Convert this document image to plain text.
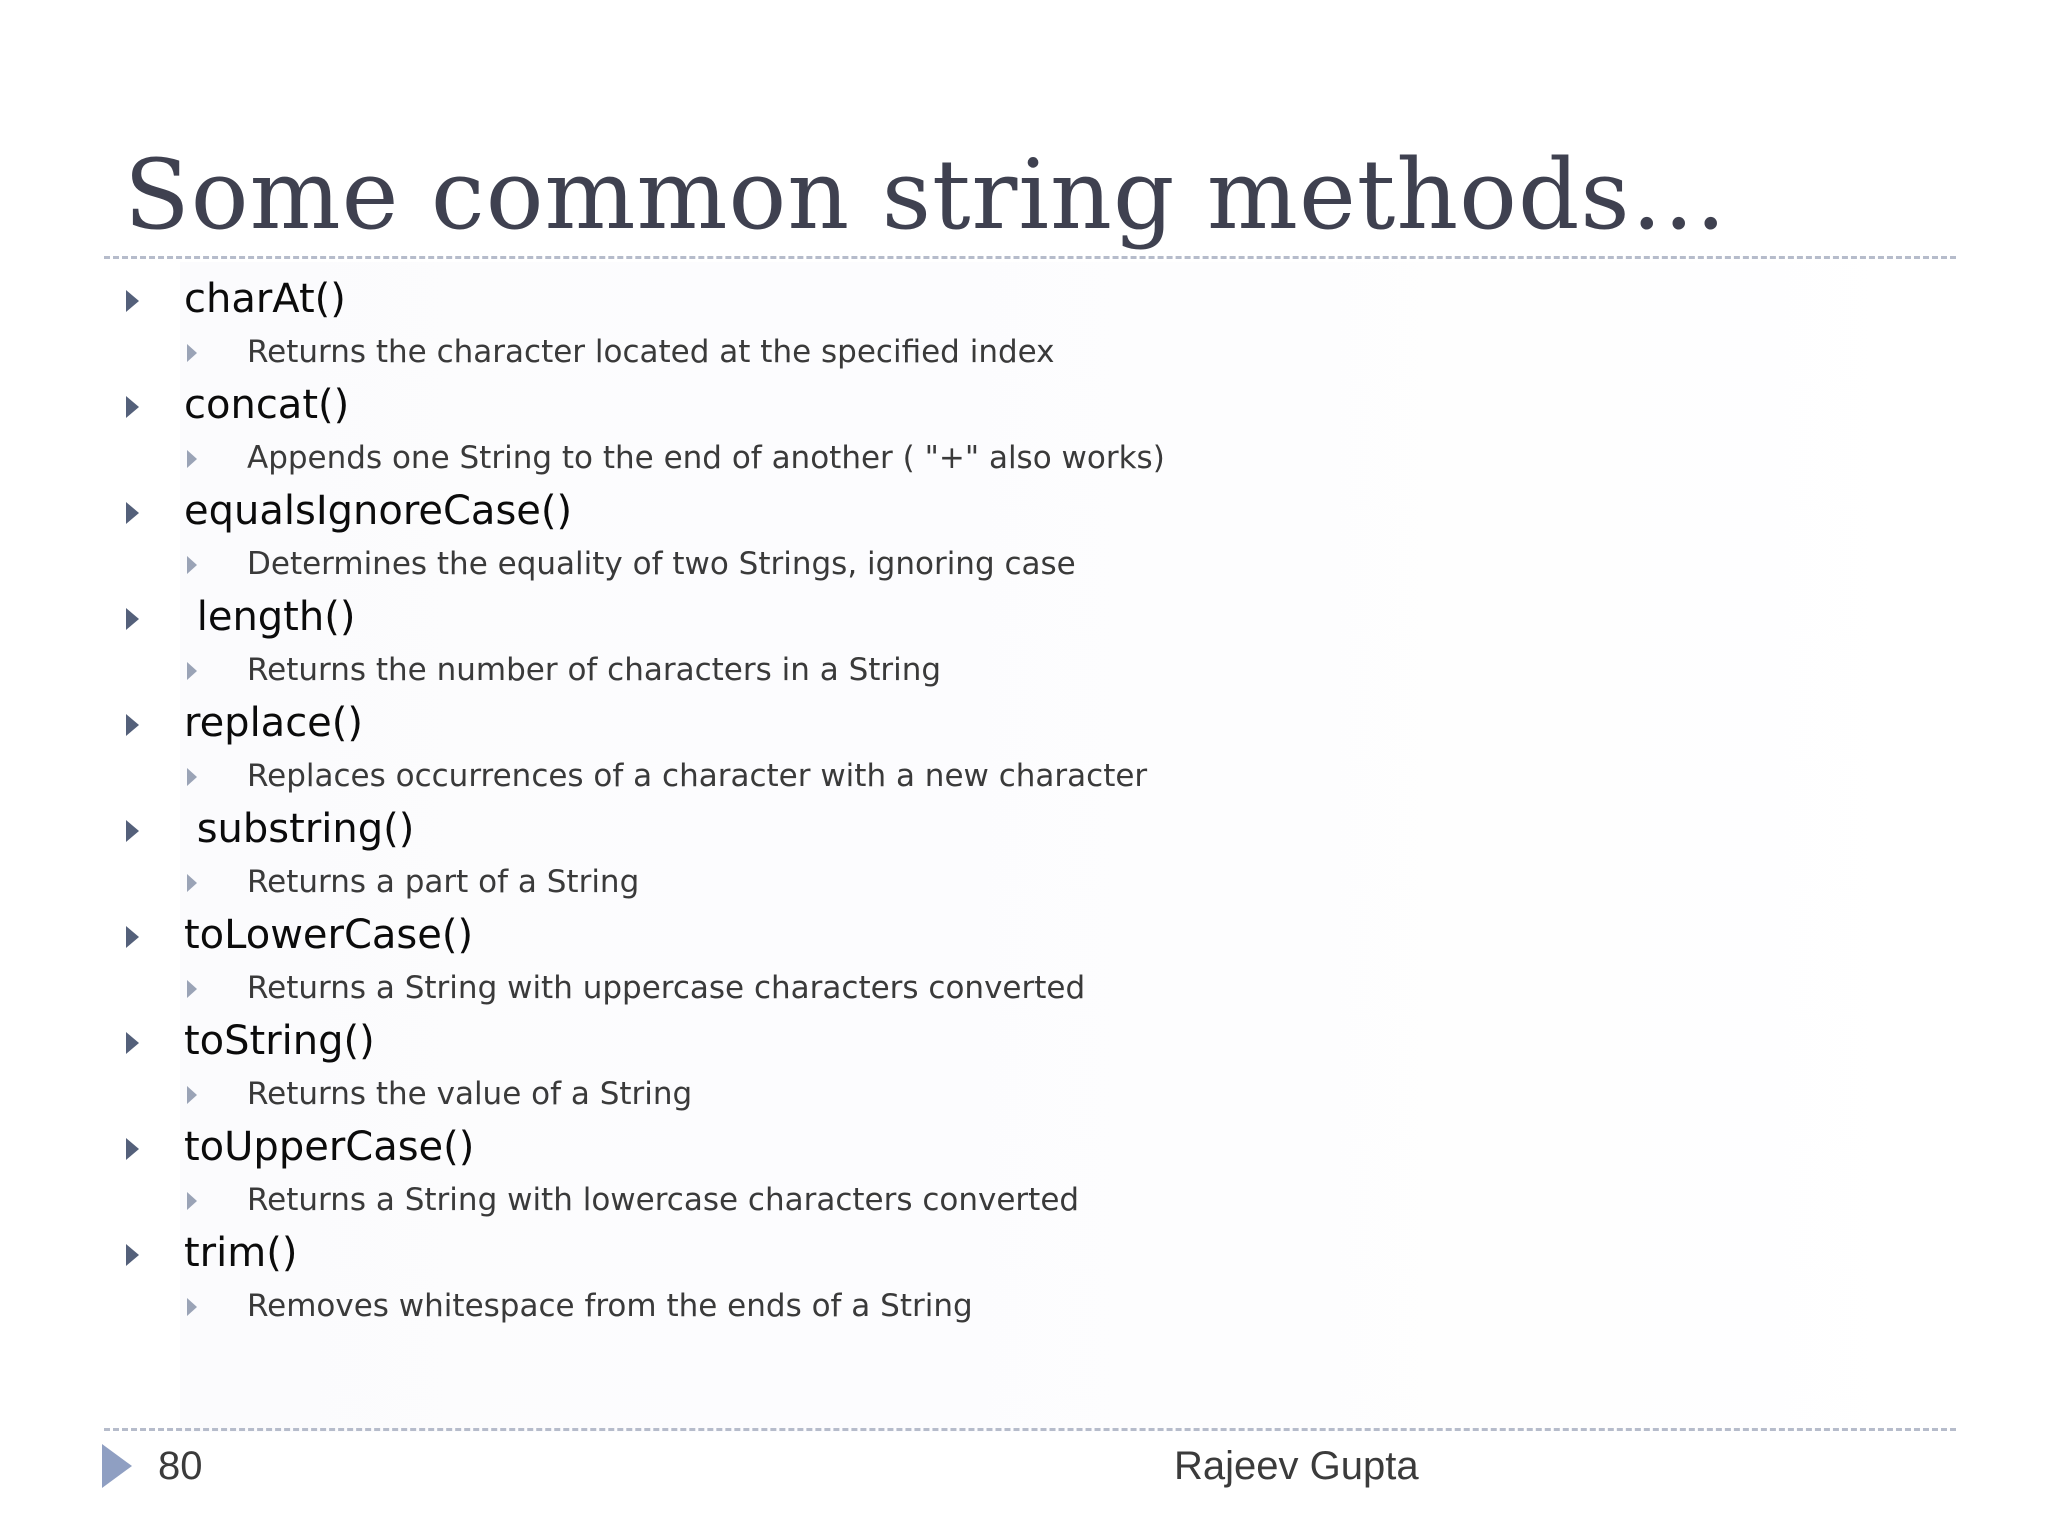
Some common string methods…
charAt()
Returns the character located at the specified index
concat()
Appends one String to the end of another ( "+" also works)
equalsIgnoreCase()
Determines the equality of two Strings, ignoring case
length()
Returns the number of characters in a String
replace()
Replaces occurrences of a character with a new character
substring()
Returns a part of a String
toLowerCase()
Returns a String with uppercase characters converted
toString()
Returns the value of a String
toUpperCase()
Returns a String with lowercase characters converted
trim()
Removes whitespace from the ends of a String
80	Rajeev Gupta
